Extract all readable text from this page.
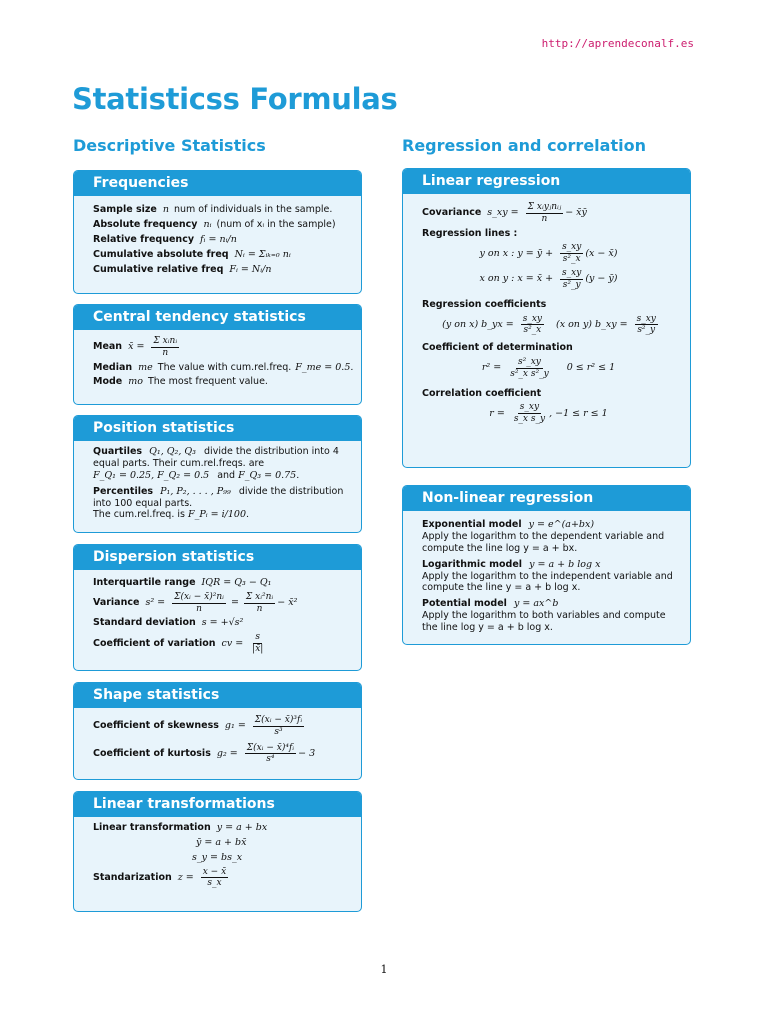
http://aprendeconalf.es
Statisticss Formulas
Descriptive Statistics	Regression and correlation
Frequencies
Sample size n num of individuals in the sample.
Absolute frequency nᵢ (num of xᵢ in the sample)
Relative frequency fᵢ = nᵢ/n
Cumulative absolute freq Nᵢ = Σᵢₖ₌₀ nᵢ
Cumulative relative freq Fᵢ = Nᵢ/n
Central tendency statistics
Mean x̄ = $\frac{\text{Σ xᵢnᵢ}}{n}$
Median me The value with cum.rel.freq. F_me = 0.5.
Mode mo The most frequent value.
Position statistics
Quartiles Q₁, Q₂, Q₃ divide the distribution into 4 equal parts. Their cum.rel.freqs. are F_Q₁ = 0.25, F_Q₂ = 0.5 and F_Q₃ = 0.75.
Percentiles P₁, P₂, . . . , P₉₉ divide the distribution into 100 equal parts.
The cum.rel.freq. is F_Pᵢ = i/100.
Dispersion statistics
Interquartile range IQR = Q₃ − Q₁
Variance $s^2 = \frac{\text{Σ(xᵢ − x̄)²nᵢ}}{n} = \frac{\text{Σ xᵢ²nᵢ}}{n}$ − x̄²
Standard deviation s = +√s²
Coefficient of variation cv = $\frac{s}{|x̄|}$
Shape statistics
Coefficient of skewness $g_1 = \frac{\text{Σ(xᵢ − x̄)³fᵢ}}{\text{s³}}$
Coefficient of kurtosis $g_2 = \frac{\text{Σ(xᵢ − x̄)⁴fᵢ}}{\text{s⁴}} - 3$
Linear transformations
Linear transformation y = a + bx
ȳ = a + bx̄
s_y = bs_x
Standarization $z = \frac{x - x̄}{s\_x}$
Linear regression
Covariance s_xy = $\frac{\text{Σ xᵢyⱼnᵢⱼ}}{n}$ − x̄ȳ
Regression lines :
y on x : y = ȳ + $\frac{s\_xy}{\text{s²\_x}} (x$ − x̄)
x on y : x = x̄ + $\frac{s\_xy}{\text{s²\_y}} (y$ − ȳ)
Regression coefficients
(y on x) b_yx = $\frac{s\_xy}{\text{s²\_x}} (x$ on y) b_xy = $\frac{s\_xy}{\text{s²\_y}}$
Coefficient of determination
$r^2 = \frac{\text{s²\_xy}}{\text{s²\_x s²\_y}} 0 \le r^2 \le 1$
Correlation coefficient
$r = \frac{s\_xy}{\text{s\_x s\_y}}$ , −1 ≤ r ≤ 1
Non-linear regression
Exponential model y = e^(a+bx)
Apply the logarithm to the dependent variable and compute the line log y = a + bx.
Logarithmic model y = a + b log x
Apply the logarithm to the independent variable and compute the line y = a + b log x.
Potential model y = ax^b
Apply the logarithm to both variables and compute the line log y = a + b log x.
1
